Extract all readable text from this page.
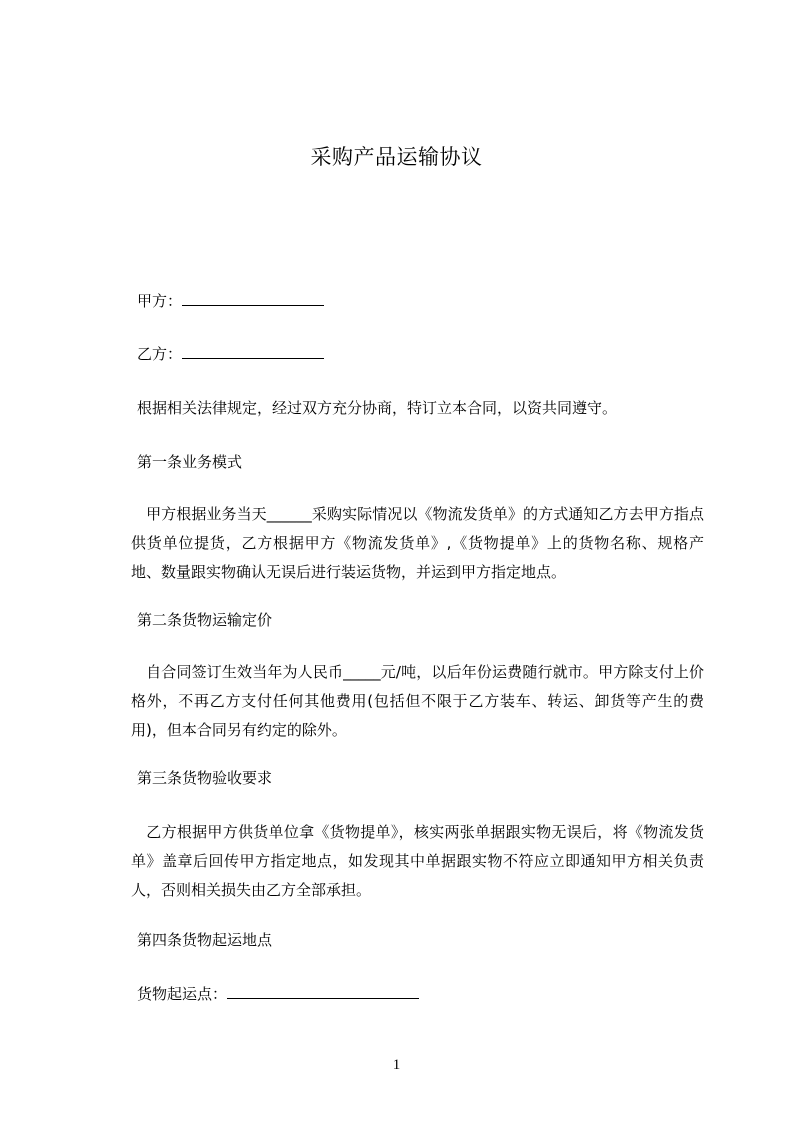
采购产品运输协议
甲方：
乙方：
根据相关法律规定，经过双方充分协商，特订立本合同，以资共同遵守。
第一条业务模式
　甲方根据业务当天______采购实际情况以《物流发货单》的方式通知乙方去甲方指点供货单位提货，乙方根据甲方《物流发货单》,《货物提单》上的货物名称、规格产地、数量跟实物确认无误后进行装运货物，并运到甲方指定地点。
第二条货物运输定价
　自合同签订生效当年为人民币_____元/吨，以后年份运费随行就市。甲方除支付上价格外，不再乙方支付任何其他费用(包括但不限于乙方装车、转运、卸货等产生的费用)，但本合同另有约定的除外。
第三条货物验收要求
　乙方根据甲方供货单位拿《货物提单》，核实两张单据跟实物无误后，将《物流发货单》盖章后回传甲方指定地点，如发现其中单据跟实物不符应立即通知甲方相关负责人，否则相关损失由乙方全部承担。
第四条货物起运地点
货物起运点：
1
